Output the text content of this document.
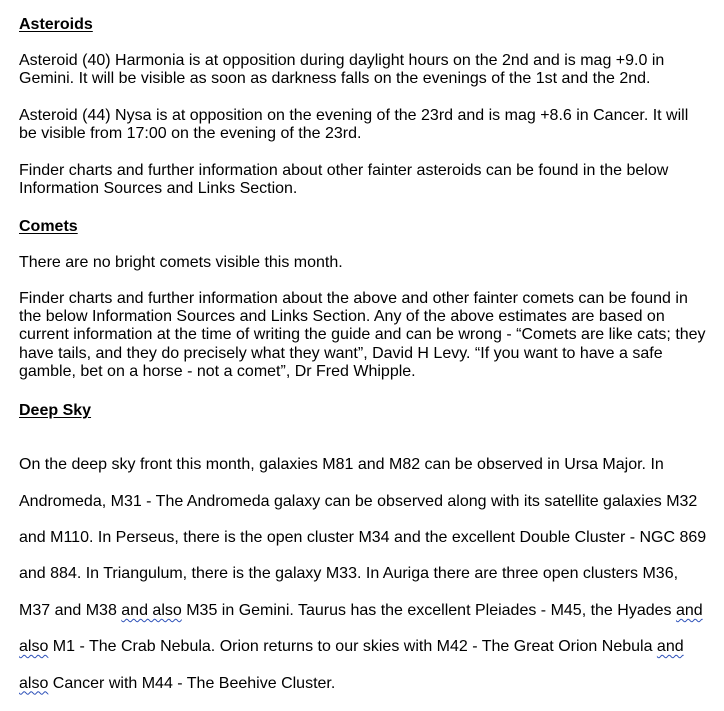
Asteroids
Asteroid (40) Harmonia is at opposition during daylight hours on the 2nd and is mag +9.0 in
Gemini. It will be visible as soon as darkness falls on the evenings of the 1st and the 2nd.
Asteroid (44) Nysa is at opposition on the evening of the 23rd and is mag +8.6 in Cancer. It will
be visible from 17:00 on the evening of the 23rd.
Finder charts and further information about other fainter asteroids can be found in the below
Information Sources and Links Section.
Comets
There are no bright comets visible this month.
Finder charts and further information about the above and other fainter comets can be found in
the below Information Sources and Links Section. Any of the above estimates are based on
current information at the time of writing the guide and can be wrong - “Comets are like cats; they
have tails, and they do precisely what they want”, David H Levy. “If you want to have a safe
gamble, bet on a horse - not a comet”, Dr Fred Whipple.
Deep Sky

On the deep sky front this month, galaxies M81 and M82 can be observed in Ursa Major. In

Andromeda, M31 - The Andromeda galaxy can be observed along with its satellite galaxies M32

and M110. In Perseus, there is the open cluster M34 and the excellent Double Cluster - NGC 869

and 884. In Triangulum, there is the galaxy M33. In Auriga there are three open clusters M36,

M37 and M38 and also M35 in Gemini. Taurus has the excellent Pleiades - M45, the Hyades and

also M1 - The Crab Nebula. Orion returns to our skies with M42 - The Great Orion Nebula and

also Cancer with M44 - The Beehive Cluster.
